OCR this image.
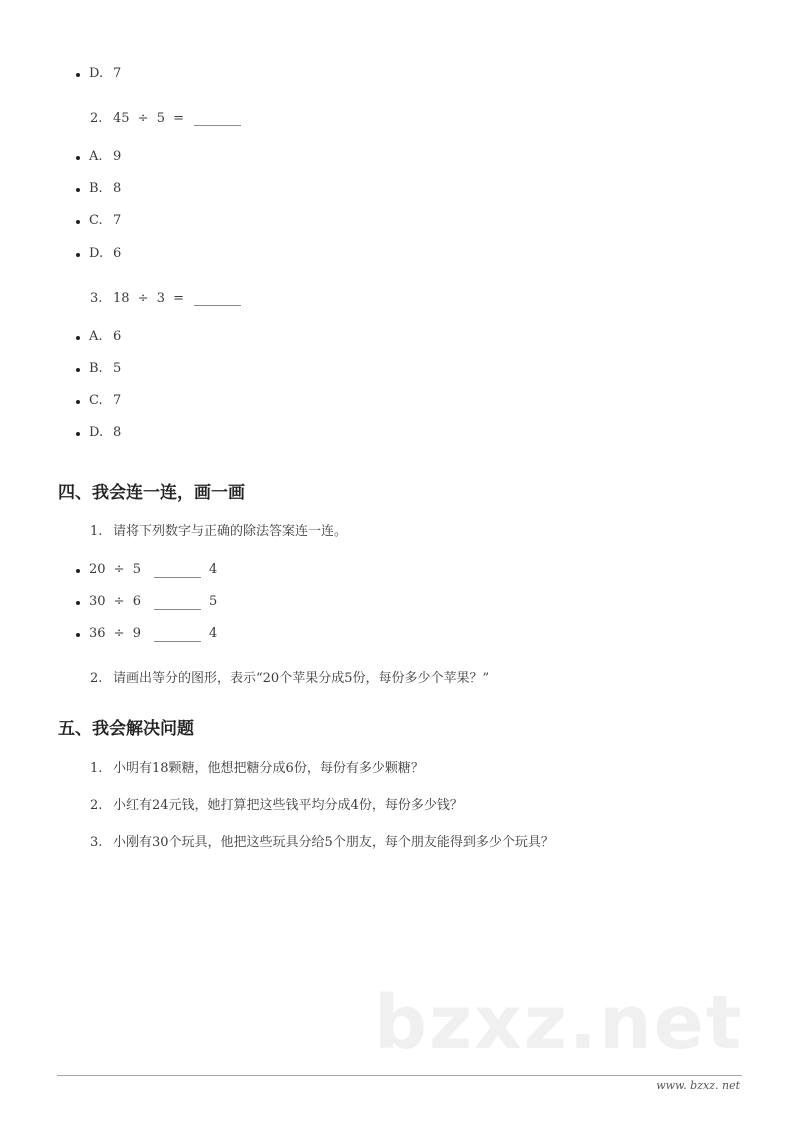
D. 7
2. 45 ÷ 5 =
A. 9
B. 8
C. 7
D. 6
3. 18 ÷ 3 =
A. 6
B. 5
C. 7
D. 8
四、我会连一连，画一画
1. 请将下列数字与正确的除法答案连一连。
20 ÷ 5	4
30 ÷ 6	5
36 ÷ 9	4
2. 请画出等分的图形，表示“20个苹果分成5份，每份多少个苹果？”
五、我会解决问题
1. 小明有18颗糖，他想把糖分成6份，每份有多少颗糖？
2. 小红有24元钱，她打算把这些钱平均分成4份，每份多少钱？
3. 小刚有30个玩具，他把这些玩具分给5个朋友，每个朋友能得到多少个玩具？
bzxz.net
www. bzxz. net
